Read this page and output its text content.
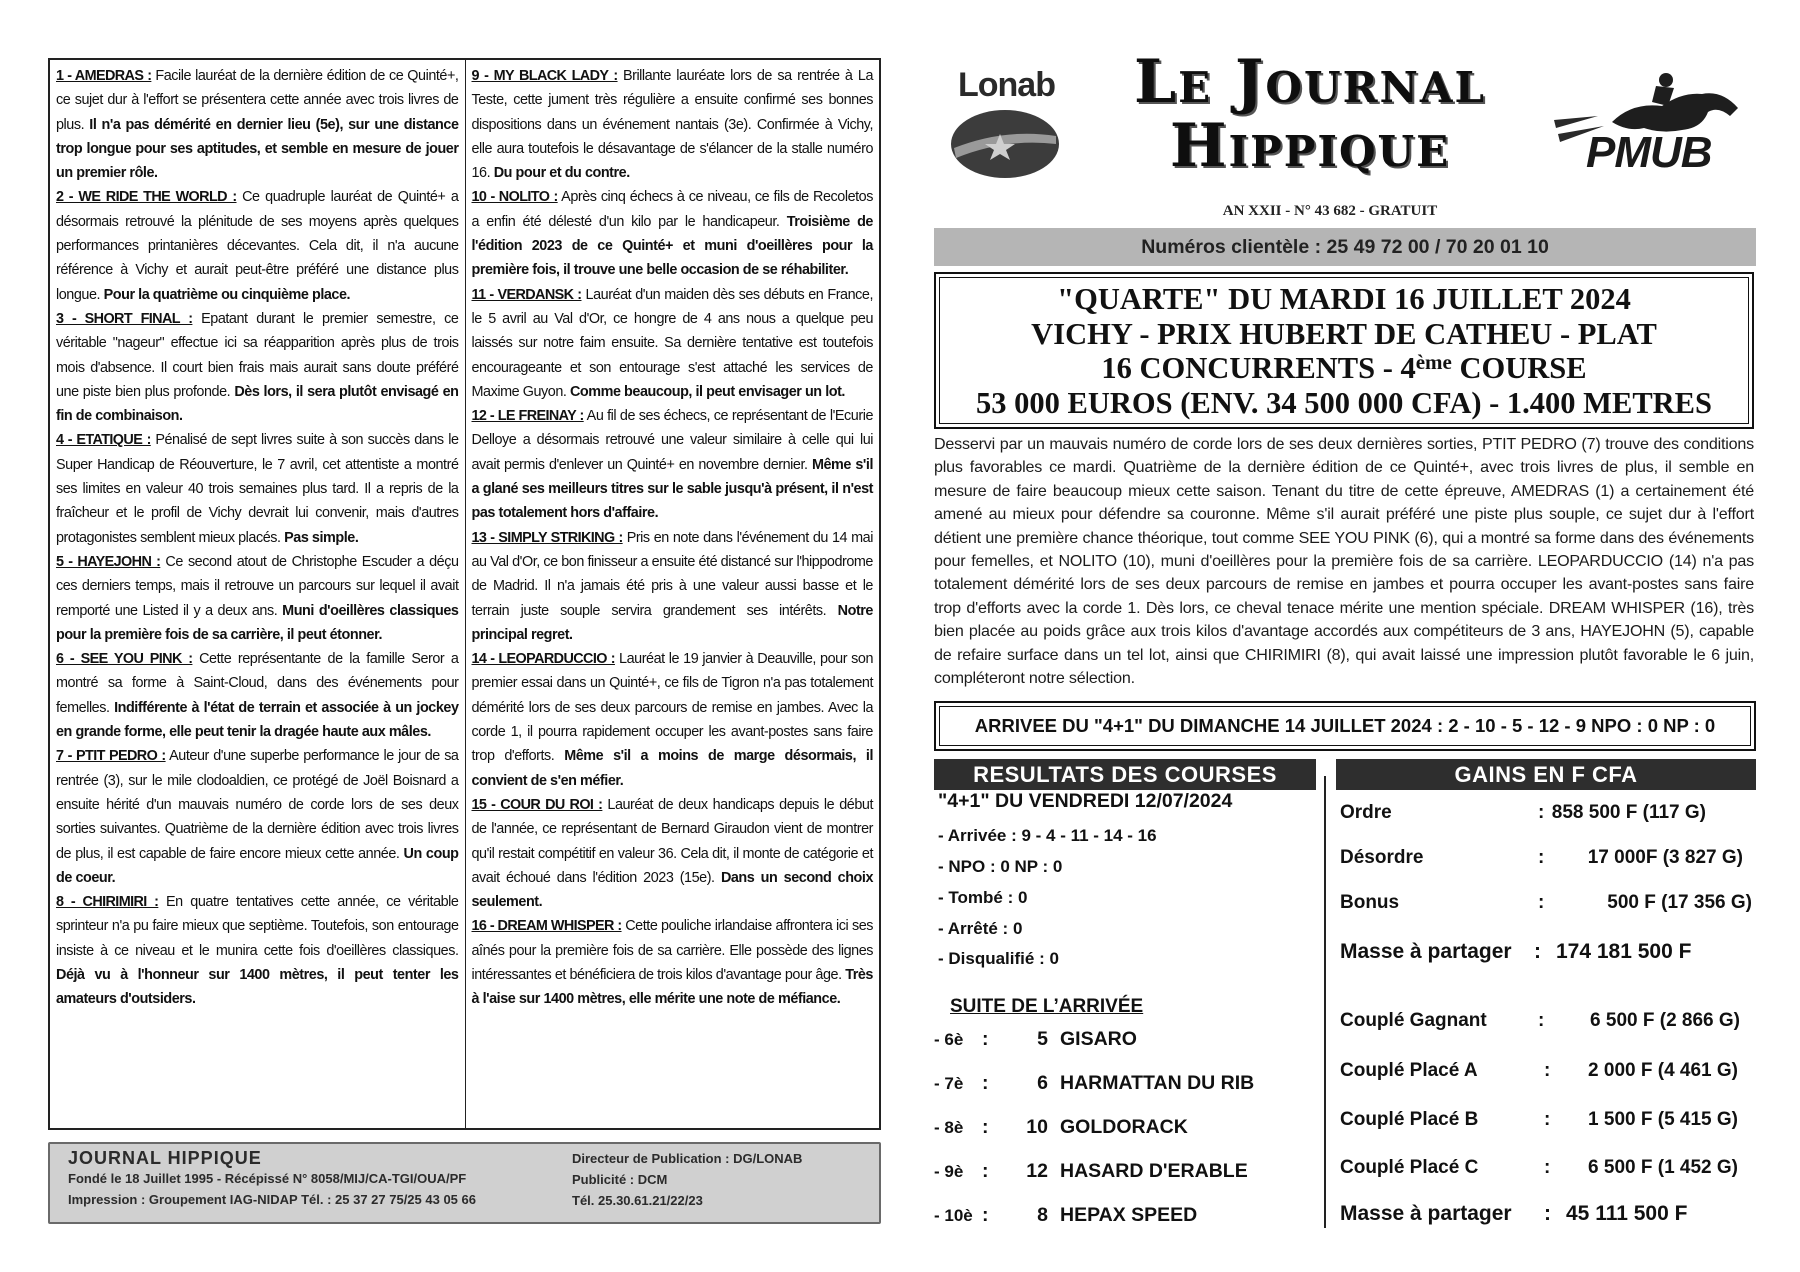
1 - AMEDRAS : Facile lauréat de la dernière édition de ce Quinté+, ce sujet dur à l'effort se présentera cette année avec trois livres de plus. Il n'a pas démérité en dernier lieu (5e), sur une distance trop longue pour ses aptitudes, et semble en mesure de jouer un premier rôle.
2 - WE RIDE THE WORLD : Ce quadruple lauréat de Quinté+ a désormais retrouvé la plénitude de ses moyens après quelques performances printanières décevantes. Cela dit, il n'a aucune référence à Vichy et aurait peut-être préféré une distance plus longue. Pour la quatrième ou cinquième place.
3 - SHORT FINAL : Epatant durant le premier semestre, ce véritable "nageur" effectue ici sa réapparition après plus de trois mois d'absence. Il court bien frais mais aurait sans doute préféré une piste bien plus profonde. Dès lors, il sera plutôt envisagé en fin de combinaison.
4 - ETATIQUE : Pénalisé de sept livres suite à son succès dans le Super Handicap de Réouverture, le 7 avril, cet attentiste a montré ses limites en valeur 40 trois semaines plus tard. Il a repris de la fraîcheur et le profil de Vichy devrait lui convenir, mais d'autres protagonistes semblent mieux placés. Pas simple.
5 - HAYEJOHN : Ce second atout de Christophe Escuder a déçu ces derniers temps, mais il retrouve un parcours sur lequel il avait remporté une Listed il y a deux ans. Muni d'oeillères classiques pour la première fois de sa carrière, il peut étonner.
6 - SEE YOU PINK : Cette représentante de la famille Seror a montré sa forme à Saint-Cloud, dans des événements pour femelles. Indifférente à l'état de terrain et associée à un jockey en grande forme, elle peut tenir la dragée haute aux mâles.
7 - PTIT PEDRO : Auteur d'une superbe performance le jour de sa rentrée (3), sur le mile clodoaldien, ce protégé de Joël Boisnard a ensuite hérité d'un mauvais numéro de corde lors de ses deux sorties suivantes. Quatrième de la dernière édition avec trois livres de plus, il est capable de faire encore mieux cette année. Un coup de coeur.
8 - CHIRIMIRI : En quatre tentatives cette année, ce véritable sprinteur n'a pu faire mieux que septième. Toutefois, son entourage insiste à ce niveau et le munira cette fois d'oeillères classiques. Déjà vu à l'honneur sur 1400 mètres, il peut tenter les amateurs d'outsiders.
9 - MY BLACK LADY : Brillante lauréate lors de sa rentrée à La Teste, cette jument très régulière a ensuite confirmé ses bonnes dispositions dans un événement nantais (3e). Confirmée à Vichy, elle aura toutefois le désavantage de s'élancer de la stalle numéro 16. Du pour et du contre.
10 - NOLITO : Après cinq échecs à ce niveau, ce fils de Recoletos a enfin été délesté d'un kilo par le handicapeur. Troisième de l'édition 2023 de ce Quinté+ et muni d'oeillères pour la première fois, il trouve une belle occasion de se réhabiliter.
11 - VERDANSK : Lauréat d'un maiden dès ses débuts en France, le 5 avril au Val d'Or, ce hongre de 4 ans nous a quelque peu laissés sur notre faim ensuite. Sa dernière tentative est toutefois encourageante et son entourage s'est attaché les services de Maxime Guyon. Comme beaucoup, il peut envisager un lot.
12 - LE FREINAY : Au fil de ses échecs, ce représentant de l'Ecurie Delloye a désormais retrouvé une valeur similaire à celle qui lui avait permis d'enlever un Quinté+ en novembre dernier. Même s'il a glané ses meilleurs titres sur le sable jusqu'à présent, il n'est pas totalement hors d'affaire.
13 - SIMPLY STRIKING : Pris en note dans l'événement du 14 mai au Val d'Or, ce bon finisseur a ensuite été distancé sur l'hippodrome de Madrid. Il n'a jamais été pris à une valeur aussi basse et le terrain juste souple servira grandement ses intérêts. Notre principal regret.
14 - LEOPARDUCCIO : Lauréat le 19 janvier à Deauville, pour son premier essai dans un Quinté+, ce fils de Tigron n'a pas totalement démérité lors de ses deux parcours de remise en jambes. Avec la corde 1, il pourra rapidement occuper les avant-postes sans faire trop d'efforts. Même s'il a moins de marge désormais, il convient de s'en méfier.
15 - COUR DU ROI : Lauréat de deux handicaps depuis le début de l'année, ce représentant de Bernard Giraudon vient de montrer qu'il restait compétitif en valeur 36. Cela dit, il monte de catégorie et avait échoué dans l'édition 2023 (15e). Dans un second choix seulement.
16 - DREAM WHISPER : Cette pouliche irlandaise affrontera ici ses aînés pour la première fois de sa carrière. Elle possède des lignes intéressantes et bénéficiera de trois kilos d'avantage pour âge. Très à l'aise sur 1400 mètres, elle mérite une note de méfiance.
JOURNAL HIPPIQUE
Fondé le 18 Juillet 1995 - Récépissé N° 8058/MIJ/CA-TGI/OUA/PF
Impression : Groupement IAG-NIDAP Tél. : 25 37 27 75/25 43 05 66
Directeur de Publication : DG/LONAB
Publicité : DCM
Tél. 25.30.61.21/22/23
Lonab	Le Journal
Hippique
AN XXII - N° 43 682 - GRATUIT
PMUB
Numéros clientèle : 25 49 72 00 / 70 20 01 10
"QUARTE" DU MARDI 16 JUILLET 2024
VICHY - PRIX HUBERT DE CATHEU - PLAT
16 CONCURRENTS - 4ème COURSE
53 000 EUROS (ENV. 34 500 000 CFA) - 1.400 METRES
Desservi par un mauvais numéro de corde lors de ses deux dernières sorties, PTIT PEDRO (7) trouve des conditions plus favorables ce mardi. Quatrième de la dernière édition de ce Quinté+, avec trois livres de plus, il semble en mesure de faire beaucoup mieux cette saison. Tenant du titre de cette épreuve, AMEDRAS (1) a certainement été amené au mieux pour défendre sa couronne. Même s'il aurait préféré une piste plus souple, ce sujet dur à l'effort détient une première chance théorique, tout comme SEE YOU PINK (6), qui a montré sa forme dans des événements pour femelles, et NOLITO (10), muni d'oeillères pour la première fois de sa carrière. LEOPARDUCCIO (14) n'a pas totalement démérité lors de ses deux parcours de remise en jambes et pourra occuper les avant-postes sans faire trop d'efforts avec la corde 1. Dès lors, ce cheval tenace mérite une mention spéciale. DREAM WHISPER (16), très bien placée au poids grâce aux trois kilos d'avantage accordés aux compétiteurs de 3 ans, HAYEJOHN (5), capable de refaire surface dans un tel lot, ainsi que CHIRIMIRI (8), qui avait laissé une impression plutôt favorable le 6 juin, compléteront notre sélection.
ARRIVEE DU "4+1" DU DIMANCHE 14 JUILLET 2024 : 2 - 10 - 5 - 12 - 9 NPO : 0 NP : 0
RESULTATS DES COURSES	GAINS EN F CFA
"4+1" DU VENDREDI 12/07/2024
- Arrivée : 9 - 4 - 11 - 14 - 16
- NPO : 0 NP : 0
- Tombé : 0
- Arrêté : 0
- Disqualifié : 0
SUITE DE L’ARRIVÉE
- 6è : 5 GISARO
- 7è : 6 HARMATTAN DU RIB
- 8è : 10 GOLDORACK
- 9è : 12 HASARD D'ERABLE
- 10è : 8 HEPAX SPEED
Ordre	: 858 500 F (117 G)
Désordre	: 17 000F (3 827 G)
Bonus	:	500 F (17 356 G)
Masse à partager : 174 181 500 F
Couplé Gagnant	: 6 500 F (2 866 G)
Couplé Placé A	: 2 000 F (4 461 G)
Couplé Placé B	: 1 500 F (5 415 G)
Couplé Placé C	: 6 500 F (1 452 G)
Masse à partager : 45 111 500 F
